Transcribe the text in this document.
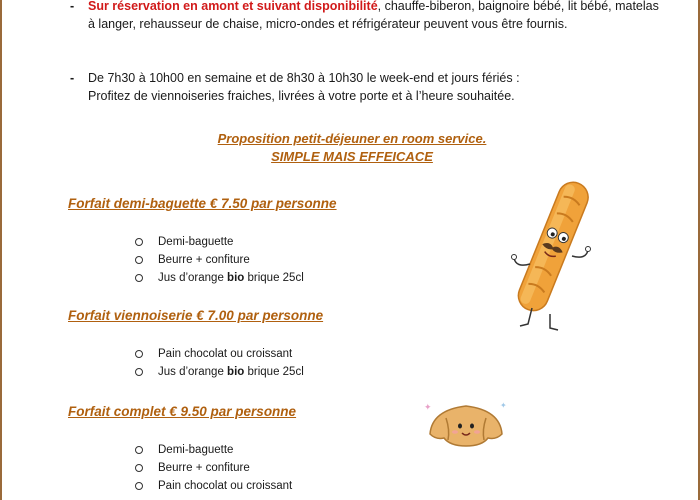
- Sur réservation en amont et suivant disponibilité, chauffe-biberon, baignoire bébé, lit bébé, matelas à langer, rehausseur de chaise, micro-ondes et réfrigérateur peuvent vous être fournis.
- De 7h30 à 10h00 en semaine et de 8h30 à 10h30 le week-end et jours fériés :
Profitez de viennoiseries fraiches, livrées à votre porte et à l’heure souhaitée.
Proposition petit-déjeuner en room service.
SIMPLE MAIS EFFEICACE
Forfait demi-baguette € 7.50 par personne
Demi-baguette
Beurre + confiture
Jus d’orange bio brique 25cl
Forfait viennoiserie € 7.00 par personne
Pain chocolat ou croissant
Jus d’orange bio brique 25cl
Forfait complet € 9.50 par personne
Demi-baguette
Beurre + confiture
Pain chocolat ou croissant
✦	✦
